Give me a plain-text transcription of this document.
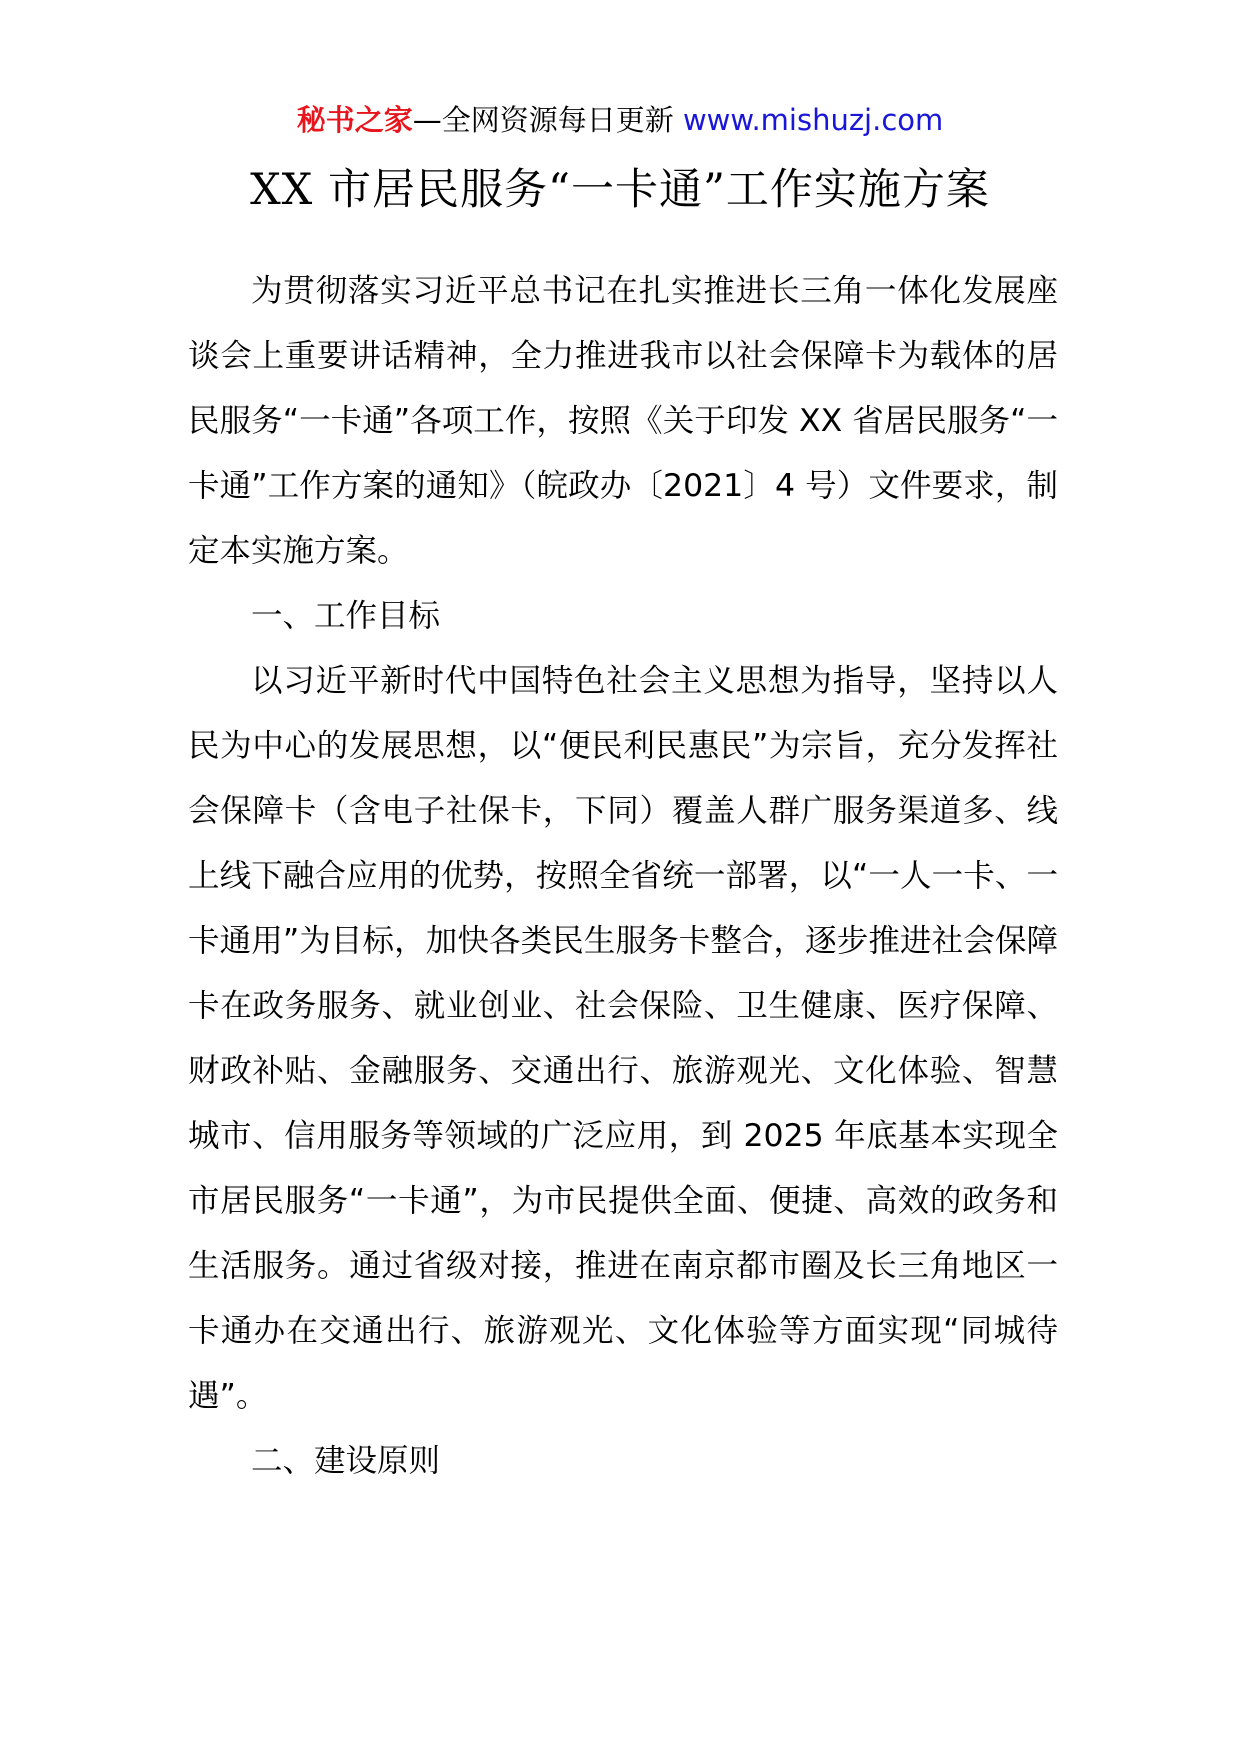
秘书之家—全网资源每日更新 www.mishuzj.com
XX 市居民服务“一卡通”工作实施方案

为贯彻落实习近平总书记在扎实推进长三角一体化发展座谈会上重要讲话精神，全力推进我市以社会保障卡为载体的居民服务“一卡通”各项工作，按照《关于印发 XX 省居民服务“一卡通”工作方案的通知》（皖政办〔2021〕4 号）文件要求，制定本实施方案。

一、工作目标

以习近平新时代中国特色社会主义思想为指导，坚持以人民为中心的发展思想，以“便民利民惠民”为宗旨，充分发挥社会保障卡（含电子社保卡，下同）覆盖人群广服务渠道多、线上线下融合应用的优势，按照全省统一部署，以“一人一卡、一卡通用”为目标，加快各类民生服务卡整合，逐步推进社会保障卡在政务服务、就业创业、社会保险、卫生健康、医疗保障、财政补贴、金融服务、交通出行、旅游观光、文化体验、智慧城市、信用服务等领域的广泛应用，到 2025 年底基本实现全市居民服务“一卡通”，为市民提供全面、便捷、高效的政务和生活服务。通过省级对接，推进在南京都市圈及长三角地区一卡通办在交通出行、旅游观光、文化体验等方面实现“同城待遇”。

二、建设原则
